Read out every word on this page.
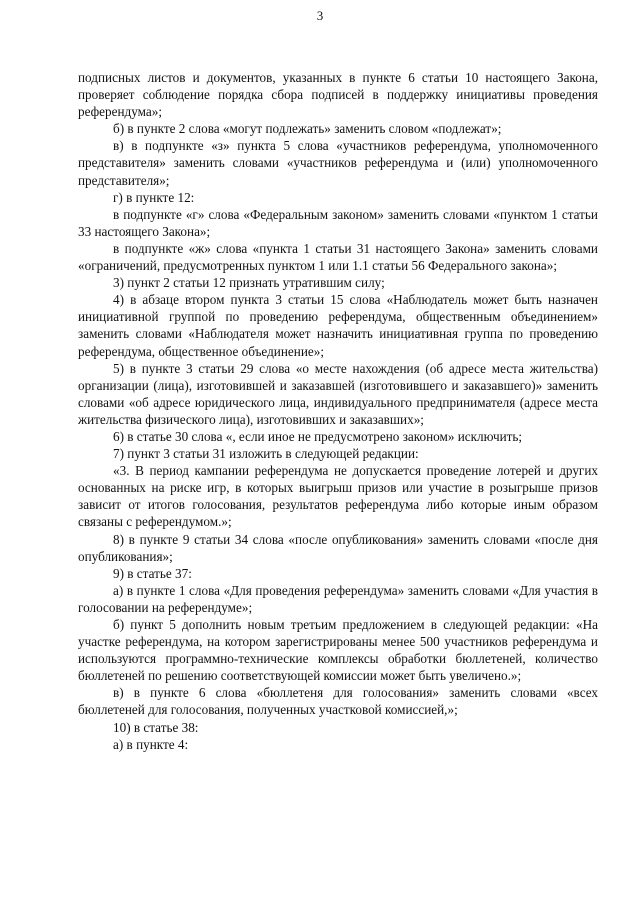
3

подписных листов и документов, указанных в пункте 6 статьи 10 настоящего Закона, проверяет соблюдение порядка сбора подписей в поддержку инициативы проведения референдума»;

б) в пункте 2 слова «могут подлежать» заменить словом «подлежат»;

в) в подпункте «з» пункта 5 слова «участников референдума, уполномоченного представителя» заменить словами «участников референдума и (или) уполномоченного представителя»;

г) в пункте 12:

в подпункте «г» слова «Федеральным законом» заменить словами «пунктом 1 статьи 33 настоящего Закона»;

в подпункте «ж» слова «пункта 1 статьи 31 настоящего Закона» заменить словами «ограничений, предусмотренных пунктом 1 или 1.1 статьи 56 Федерального закона»;

3) пункт 2 статьи 12 признать утратившим силу;

4) в абзаце втором пункта 3 статьи 15 слова «Наблюдатель может быть назначен инициативной группой по проведению референдума, общественным объединением» заменить словами «Наблюдателя может назначить инициативная группа по проведению референдума, общественное объединение»;

5) в пункте 3 статьи 29 слова «о месте нахождения (об адресе места жительства) организации (лица), изготовившей и заказавшей (изготовившего и заказавшего)» заменить словами «об адресе юридического лица, индивидуального предпринимателя (адресе места жительства физического лица), изготовивших и заказавших»;

6) в статье 30 слова «, если иное не предусмотрено законом» исключить;

7) пункт 3 статьи 31 изложить в следующей редакции:

«3. В период кампании референдума не допускается проведение лотерей и других основанных на риске игр, в которых выигрыш призов или участие в розыгрыше призов зависит от итогов голосования, результатов референдума либо которые иным образом связаны с референдумом.»;

8) в пункте 9 статьи 34 слова «после опубликования» заменить словами «после дня опубликования»;

9) в статье 37:

а) в пункте 1 слова «Для проведения референдума» заменить словами «Для участия в голосовании на референдуме»;

б) пункт 5 дополнить новым третьим предложением в следующей редакции: «На участке референдума, на котором зарегистрированы менее 500 участников референдума и используются программно-технические комплексы обработки бюллетеней, количество бюллетеней по решению соответствующей комиссии может быть увеличено.»;

в) в пункте 6 слова «бюллетеня для голосования» заменить словами «всех бюллетеней для голосования, полученных участковой комиссией,»;

10) в статье 38:

а) в пункте 4:
